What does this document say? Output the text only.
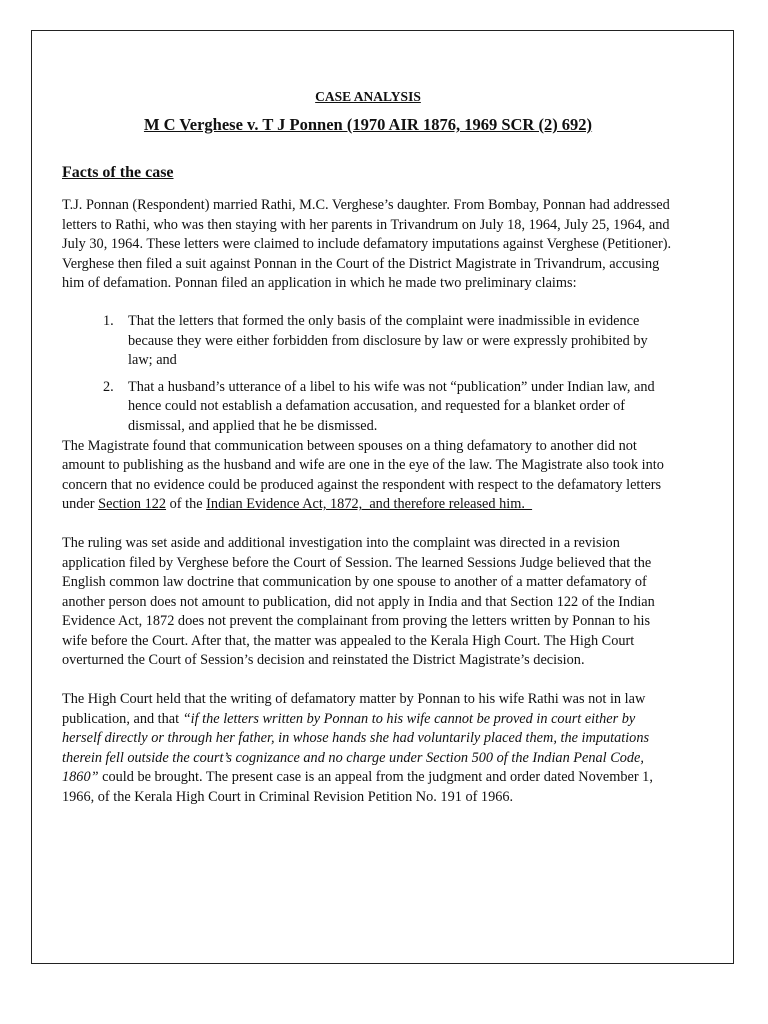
CASE ANALYSIS
M C Verghese v. T J Ponnen (1970 AIR 1876, 1969 SCR (2) 692)
Facts of the case

T.J. Ponnan (Respondent) married Rathi, M.C. Verghese’s daughter. From Bombay, Ponnan had addressed letters to Rathi, who was then staying with her parents in Trivandrum on July 18, 1964, July 25, 1964, and July 30, 1964. These letters were claimed to include defamatory imputations against Verghese (Petitioner). Verghese then filed a suit against Ponnan in the Court of the District Magistrate in Trivandrum, accusing him of defamation. Ponnan filed an application in which he made two preliminary claims:

1. That the letters that formed the only basis of the complaint were inadmissible in evidence because they were either forbidden from disclosure by law or were expressly prohibited by law; and
2. That a husband’s utterance of a libel to his wife was not “publication” under Indian law, and hence could not establish a defamation accusation, and requested for a blanket order of dismissal, and applied that he be dismissed.

The Magistrate found that communication between spouses on a thing defamatory to another did not amount to publishing as the husband and wife are one in the eye of the law. The Magistrate also took into concern that no evidence could be produced against the respondent with respect to the defamatory letters under Section 122 of the Indian Evidence Act, 1872,  and therefore released him.

The ruling was set aside and additional investigation into the complaint was directed in a revision application filed by Verghese before the Court of Session. The learned Sessions Judge believed that the English common law doctrine that communication by one spouse to another of a matter defamatory of another person does not amount to publication, did not apply in India and that Section 122 of the Indian Evidence Act, 1872 does not prevent the complainant from proving the letters written by Ponnan to his wife before the Court. After that, the matter was appealed to the Kerala High Court. The High Court overturned the Court of Session’s decision and reinstated the District Magistrate’s decision.

The High Court held that the writing of defamatory matter by Ponnan to his wife Rathi was not in law publication, and that “if the letters written by Ponnan to his wife cannot be proved in court either by herself directly or through her father, in whose hands she had voluntarily placed them, the imputations therein fell outside the court’s cognizance and no charge under Section 500 of the Indian Penal Code, 1860” could be brought. The present case is an appeal from the judgment and order dated November 1, 1966, of the Kerala High Court in Criminal Revision Petition No. 191 of 1966.
